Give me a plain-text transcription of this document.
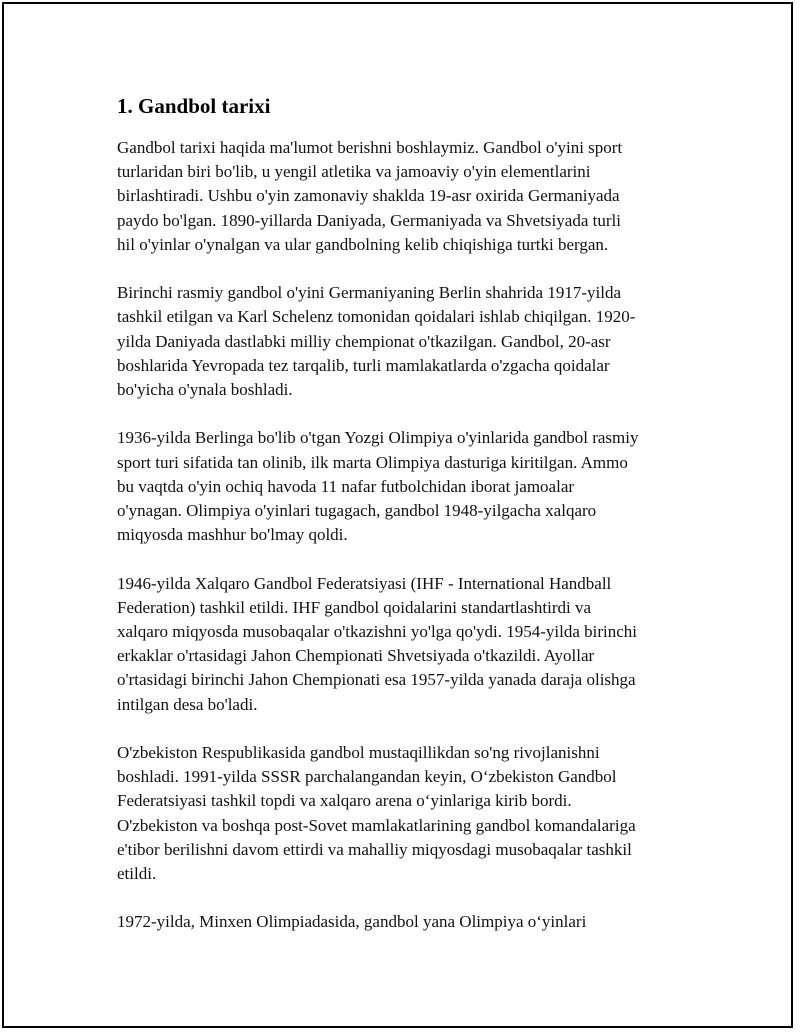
1. Gandbol tarixi

Gandbol tarixi haqida ma'lumot berishni boshlaymiz. Gandbol o'yini sport
turlaridan biri bo'lib, u yengil atletika va jamoaviy o'yin elementlarini
birlashtiradi. Ushbu o'yin zamonaviy shaklda 19-asr oxirida Germaniyada
paydo bo'lgan. 1890-yillarda Daniyada, Germaniyada va Shvetsiyada turli
hil o'yinlar o'ynalgan va ular gandbolning kelib chiqishiga turtki bergan.

Birinchi rasmiy gandbol o'yini Germaniyaning Berlin shahrida 1917-yilda
tashkil etilgan va Karl Schelenz tomonidan qoidalari ishlab chiqilgan. 1920-
yilda Daniyada dastlabki milliy chempionat o'tkazilgan. Gandbol, 20-asr
boshlarida Yevropada tez tarqalib, turli mamlakatlarda o'zgacha qoidalar
bo'yicha o'ynala boshladi.

1936-yilda Berlinga bo'lib o'tgan Yozgi Olimpiya o'yinlarida gandbol rasmiy
sport turi sifatida tan olinib, ilk marta Olimpiya dasturiga kiritilgan. Ammo
bu vaqtda o'yin ochiq havoda 11 nafar futbolchidan iborat jamoalar
o'ynagan. Olimpiya o'yinlari tugagach, gandbol 1948-yilgacha xalqaro
miqyosda mashhur bo'lmay qoldi.

1946-yilda Xalqaro Gandbol Federatsiyasi (IHF - International Handball
Federation) tashkil etildi. IHF gandbol qoidalarini standartlashtirdi va
xalqaro miqyosda musobaqalar o'tkazishni yo'lga qo'ydi. 1954-yilda birinchi
erkaklar o'rtasidagi Jahon Chempionati Shvetsiyada o'tkazildi. Ayollar
o'rtasidagi birinchi Jahon Chempionati esa 1957-yilda yanada daraja olishga
intilgan desa bo'ladi.

O'zbekiston Respublikasida gandbol mustaqillikdan so'ng rivojlanishni
boshladi. 1991-yilda SSSR parchalangandan keyin, O‘zbekiston Gandbol
Federatsiyasi tashkil topdi va xalqaro arena o‘yinlariga kirib bordi.
O'zbekiston va boshqa post-Sovet mamlakatlarining gandbol komandalariga
e'tibor berilishni davom ettirdi va mahalliy miqyosdagi musobaqalar tashkil
etildi.

1972-yilda, Minxen Olimpiadasida, gandbol yana Olimpiya o‘yinlari
